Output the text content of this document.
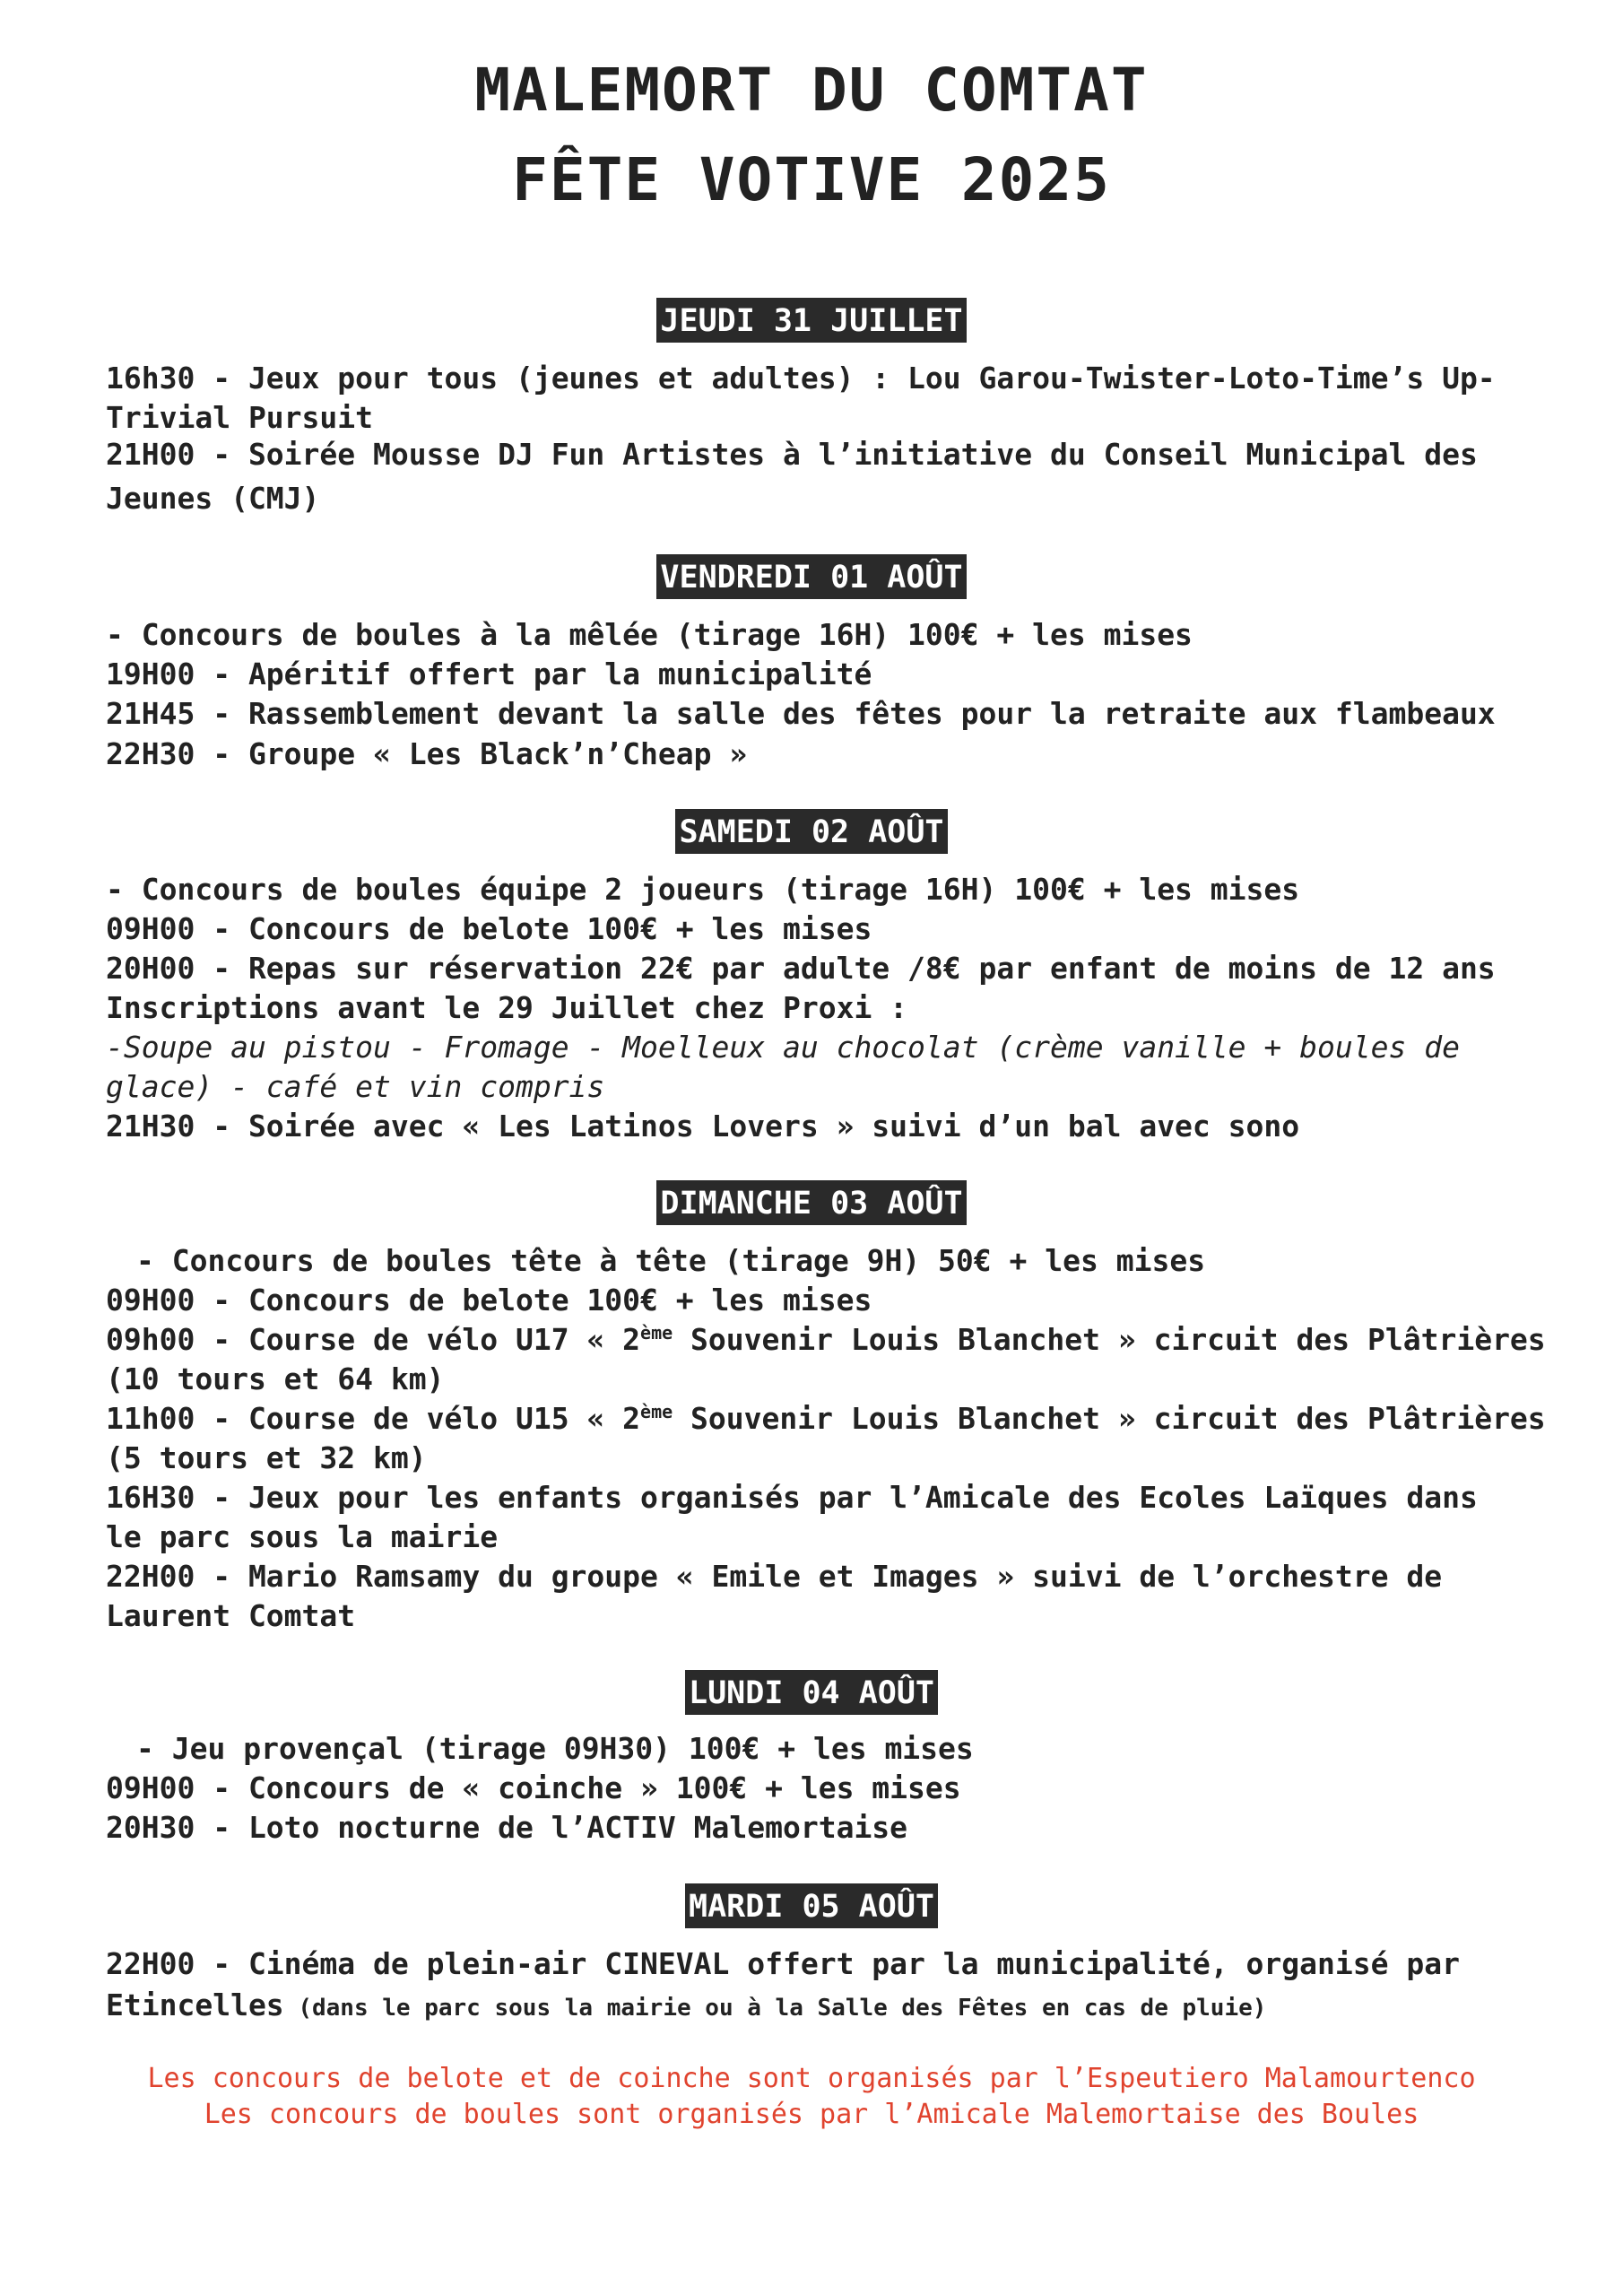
MALEMORT DU COMTAT
FÊTE VOTIVE 2025
JEUDI 31 JUILLET
16h30 - Jeux pour tous (jeunes et adultes) : Lou Garou-Twister-Loto-Time’s Up-
Trivial Pursuit
21H00 - Soirée Mousse DJ Fun Artistes à l’initiative du Conseil Municipal des
Jeunes (CMJ)
VENDREDI 01 AOÛT
- Concours de boules à la mêlée (tirage 16H) 100€ + les mises
19H00 - Apéritif offert par la municipalité
21H45 - Rassemblement devant la salle des fêtes pour la retraite aux flambeaux
22H30 - Groupe « Les Black’n’Cheap »
SAMEDI 02 AOÛT
- Concours de boules équipe 2 joueurs (tirage 16H) 100€ + les mises
09H00 - Concours de belote 100€ + les mises
20H00 - Repas sur réservation 22€ par adulte /8€ par enfant de moins de 12 ans
Inscriptions avant le 29 Juillet chez Proxi :
-Soupe au pistou - Fromage - Moelleux au chocolat (crème vanille + boules de
glace) - café et vin compris
21H30 - Soirée avec « Les Latinos Lovers » suivi d’un bal avec sono
DIMANCHE 03 AOÛT
- Concours de boules tête à tête (tirage 9H) 50€ + les mises
09H00 - Concours de belote 100€ + les mises
09h00 - Course de vélo U17 « 2ème Souvenir Louis Blanchet » circuit des Plâtrières
(10 tours et 64 km)
11h00 - Course de vélo U15 « 2ème Souvenir Louis Blanchet » circuit des Plâtrières
(5 tours et 32 km)
16H30 - Jeux pour les enfants organisés par l’Amicale des Ecoles Laïques dans
le parc sous la mairie
22H00 - Mario Ramsamy du groupe « Emile et Images » suivi de l’orchestre de
Laurent Comtat
LUNDI 04 AOÛT
- Jeu provençal (tirage 09H30) 100€ + les mises
09H00 - Concours de « coinche » 100€ + les mises
20H30 - Loto nocturne de l’ACTIV Malemortaise
MARDI 05 AOÛT
22H00 - Cinéma de plein-air CINEVAL offert par la municipalité, organisé par
Etincelles (dans le parc sous la mairie ou à la Salle des Fêtes en cas de pluie)
Les concours de belote et de coinche sont organisés par l’Espeutiero Malamourtenco
Les concours de boules sont organisés par l’Amicale Malemortaise des Boules
